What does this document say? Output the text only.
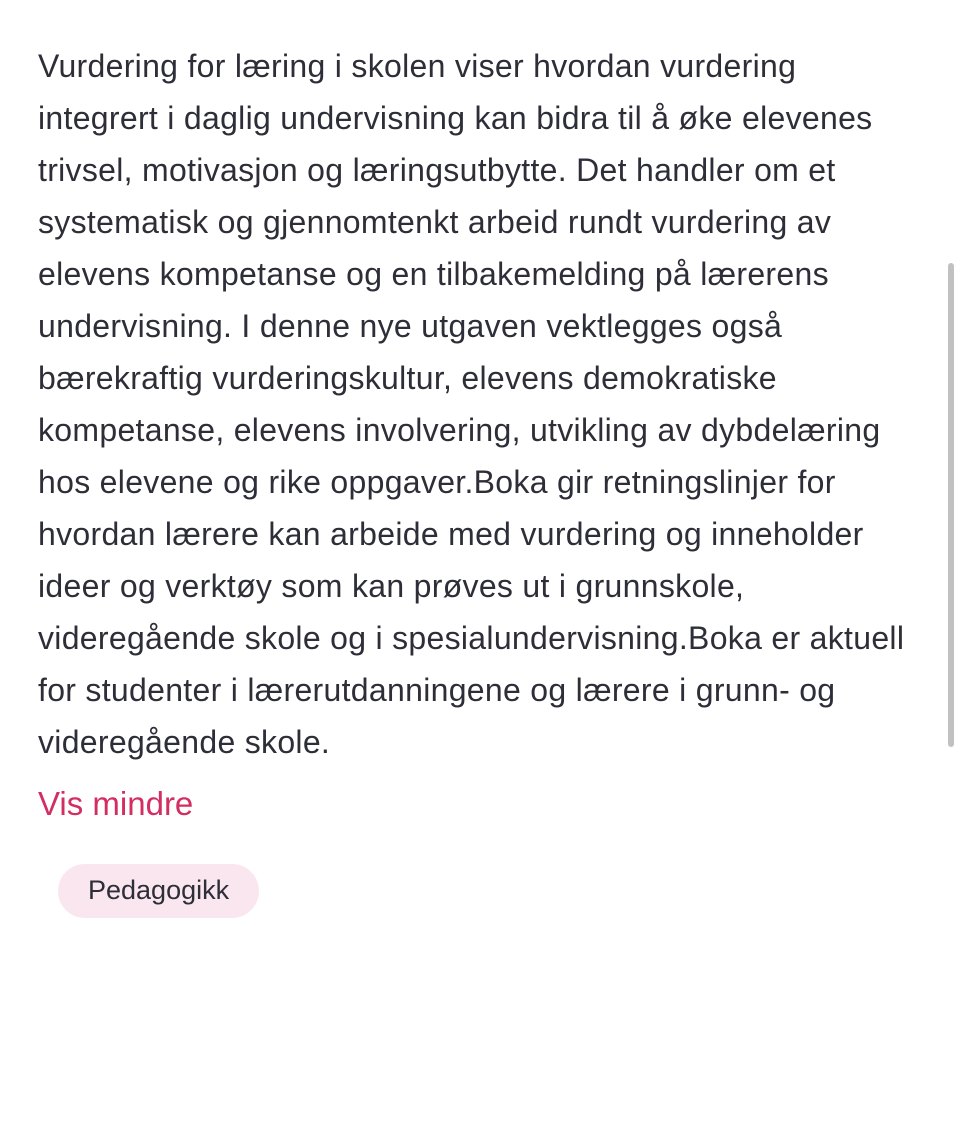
Vurdering for læring i skolen viser hvordan vurdering integrert i daglig undervisning kan bidra til å øke elevenes trivsel, motivasjon og læringsutbytte. Det handler om et systematisk og gjennomtenkt arbeid rundt vurdering av elevens kompetanse og en tilbakemelding på lærerens undervisning. I denne nye utgaven vektlegges også bærekraftig vurderingskultur, elevens demokratiske kompetanse, elevens involvering, utvikling av dybdelæring hos elevene og rike oppgaver.Boka gir retningslinjer for hvordan lærere kan arbeide med vurdering og inneholder ideer og verktøy som kan prøves ut i grunnskole, videregående skole og i spesialundervisning.Boka er aktuell for studenter i lærerutdanningene og lærere i grunn- og videregående skole.

Vis mindre
Pedagogikk
